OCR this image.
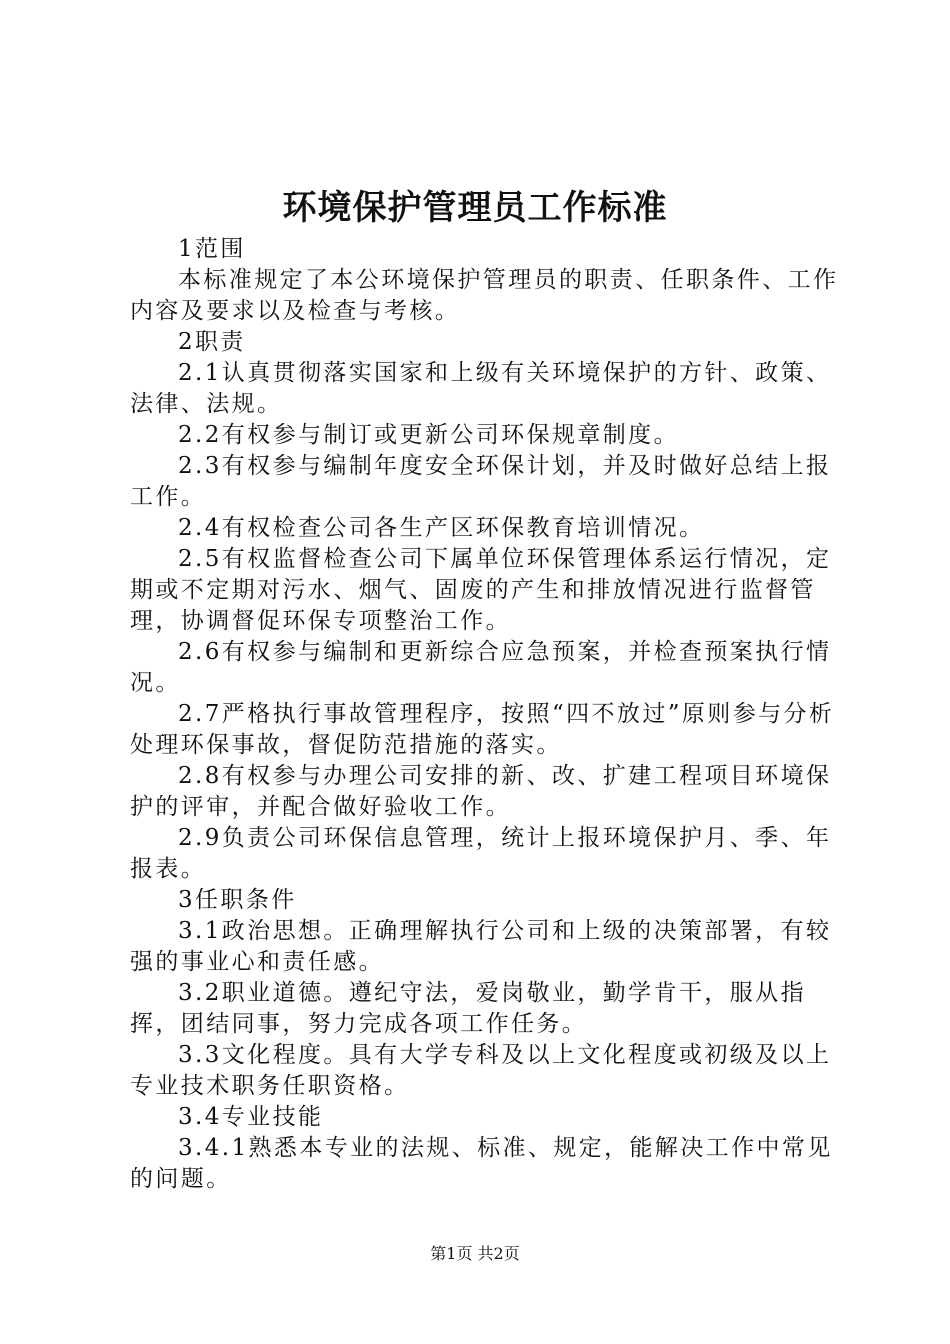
环境保护管理员工作标准

1范围

本标准规定了本公环境保护管理员的职责、任职条件、工作内容及要求以及检查与考核。

2职责

2.1认真贯彻落实国家和上级有关环境保护的方针、政策、法律、法规。

2.2有权参与制订或更新公司环保规章制度。

2.3有权参与编制年度安全环保计划，并及时做好总结上报工作。

2.4有权检查公司各生产区环保教育培训情况。

2.5有权监督检查公司下属单位环保管理体系运行情况，定期或不定期对污水、烟气、固废的产生和排放情况进行监督管理，协调督促环保专项整治工作。

2.6有权参与编制和更新综合应急预案，并检查预案执行情况。

2.7严格执行事故管理程序，按照“四不放过”原则参与分析处理环保事故，督促防范措施的落实。

2.8有权参与办理公司安排的新、改、扩建工程项目环境保护的评审，并配合做好验收工作。

2.9负责公司环保信息管理，统计上报环境保护月、季、年报表。

3任职条件

3.1政治思想。正确理解执行公司和上级的决策部署，有较强的事业心和责任感。

3.2职业道德。遵纪守法，爱岗敬业，勤学肯干，服从指挥，团结同事，努力完成各项工作任务。

3.3文化程度。具有大学专科及以上文化程度或初级及以上专业技术职务任职资格。

3.4专业技能

3.4.1熟悉本专业的法规、标准、规定，能解决工作中常见的问题。

第1页 共2页
